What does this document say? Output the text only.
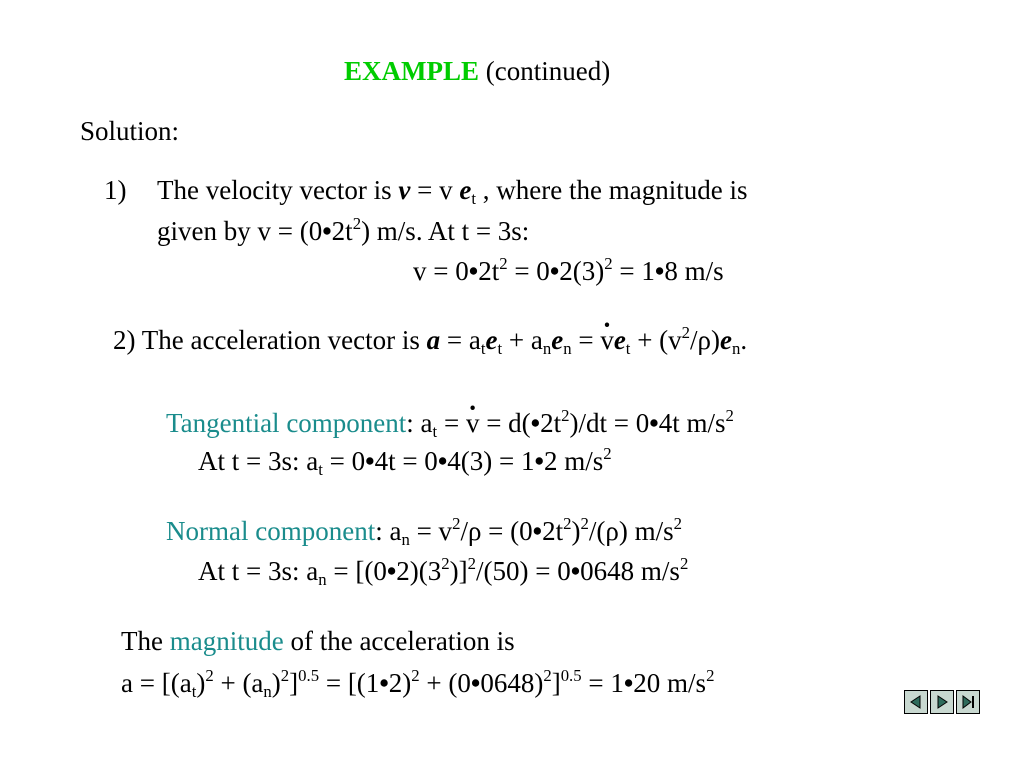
EXAMPLE (continued)
Solution:
1) The velocity vector is v = v $e_t$ , where the magnitude is
given by $v = (0•2t^2)$ m/s. At t = 3s:
$v = 0•2t^2$ = $0•2(3)^2$ = 1•8 m/s
2) The acceleration vector is $a = a_te_t + a_ne_n = v \cdot e_t + (v^2/\rho)e_n$.
Tangential component: $a_t = v$ · = $d(•2t^2)/dt$ = 0•4t $m/s^2$
At t = 3s: $a_t$ = 0•4t = 0•4(3) = 1•2 $m/s^2$
Normal component: $a_n = v^2/\rho$ = $(0•2t^2)^2/(\rho)$ $m/s^2$
At t = 3s: $a_n$ = $[(0•2)(3^2)]^2/(50)$ = 0•0648 $m/s^2$
The magnitude of the acceleration is
$a = [(a_t)^2 + (a_n)^2]^{0.5}$ = [(1•2)$^2$ + (0•0648)$^2$]$^{0.5}$ = 1•20 $m/s^2$
